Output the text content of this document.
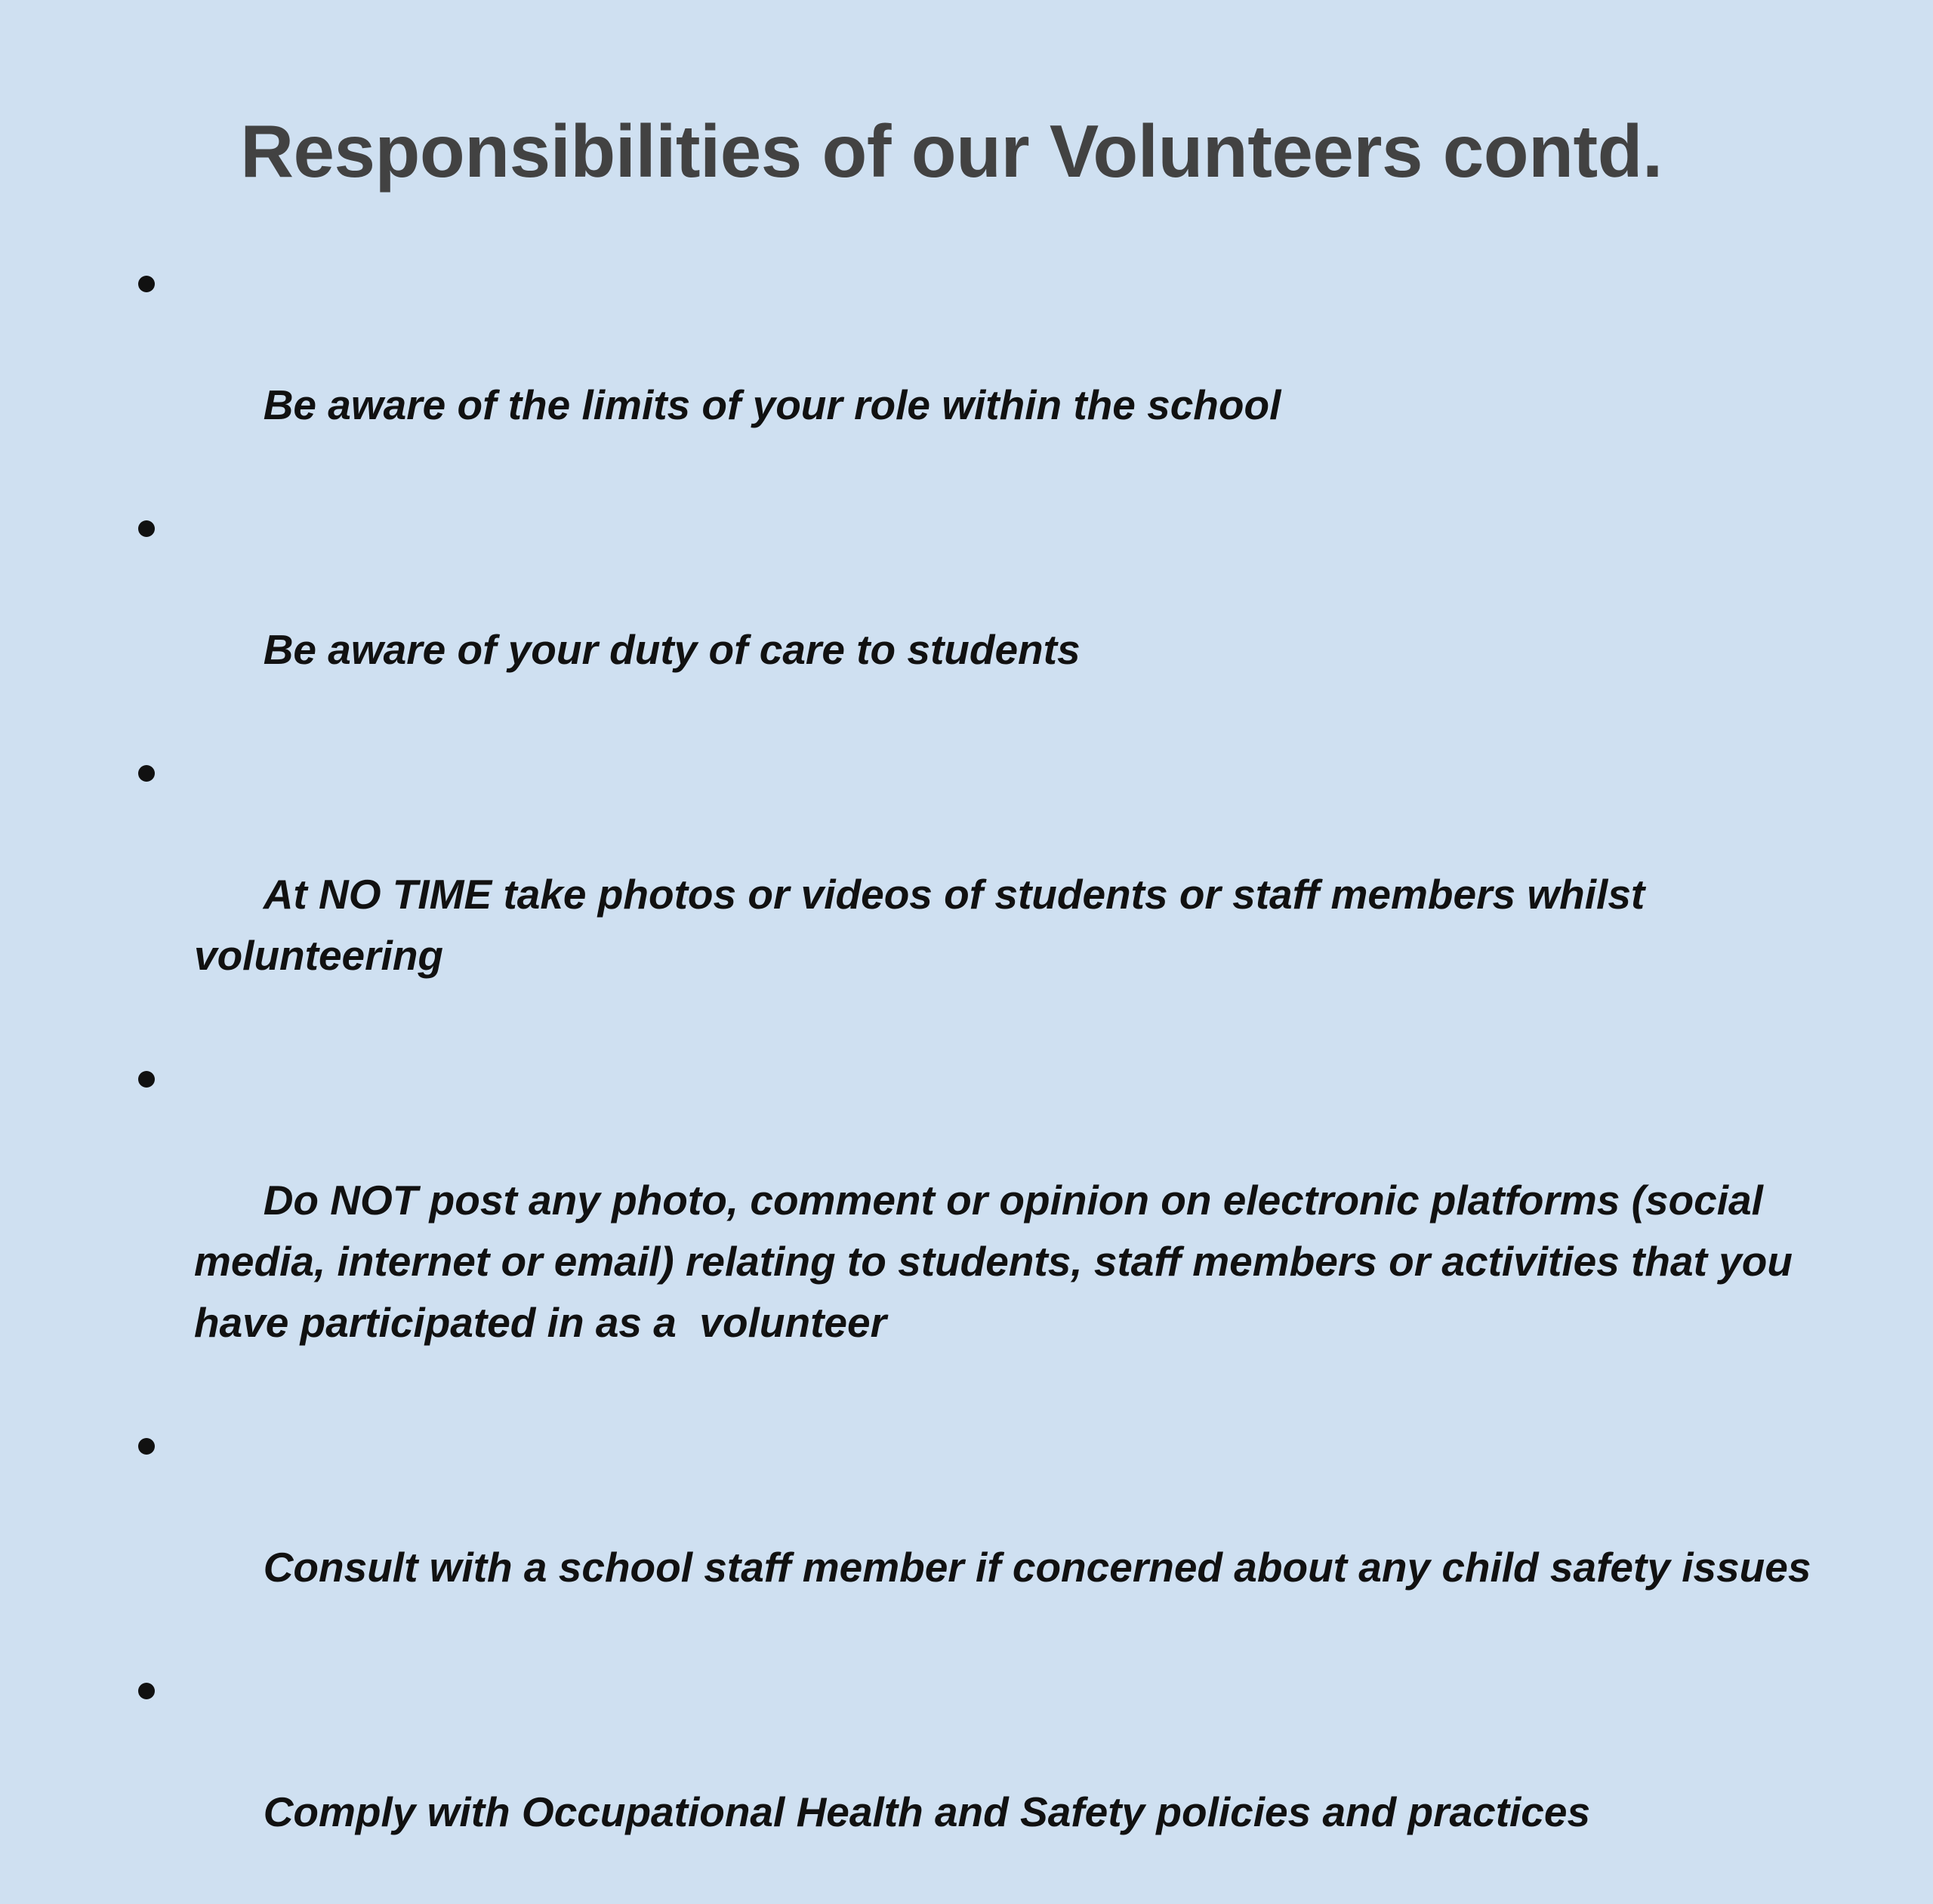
Responsibilities of our Volunteers contd.

Be aware of the limits of your role within the school

Be aware of your duty of care to students

At NO TIME take photos or videos of students or staff members whilst volunteering

Do NOT post any photo, comment or opinion on electronic platforms (social media, internet or email) relating to students, staff members or activities that you have participated in as a  volunteer

Consult with a school staff member if concerned about any child safety issues

Comply with Occupational Health and Safety policies and practices
